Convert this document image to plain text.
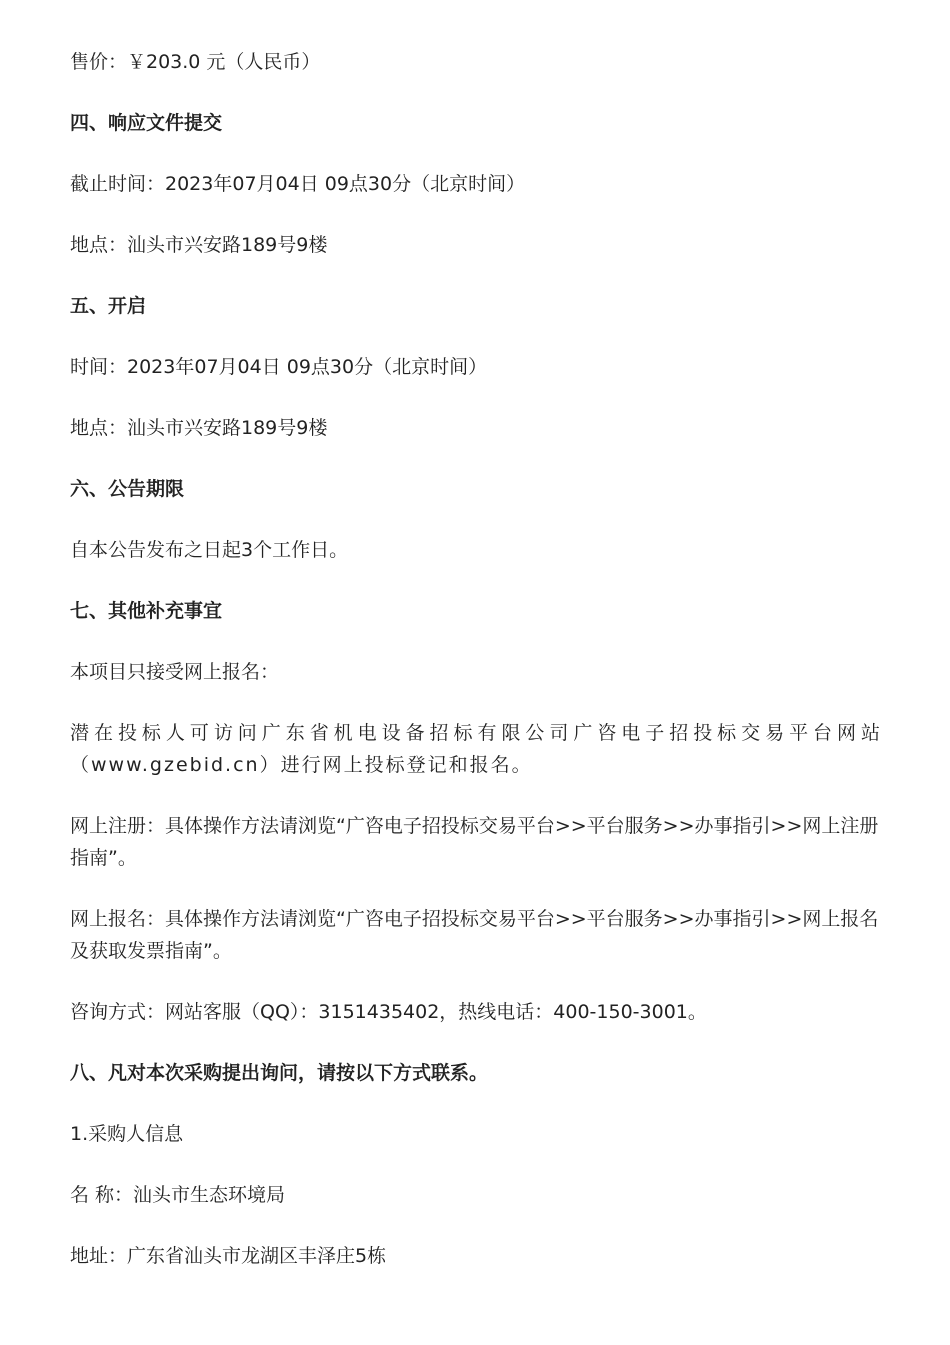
售价：￥203.0 元（人民币）

四、响应文件提交

截止时间：2023年07月04日 09点30分（北京时间）

地点：汕头市兴安路189号9楼

五、开启

时间：2023年07月04日 09点30分（北京时间）

地点：汕头市兴安路189号9楼

六、公告期限

自本公告发布之日起3个工作日。

七、其他补充事宜

本项目只接受网上报名：

潜在投标人可访问广东省机电设备招标有限公司广咨电子招投标交易平台网站（www.gzebid.cn）进行网上投标登记和报名。

网上注册：具体操作方法请浏览“广咨电子招投标交易平台>>平台服务>>办事指引>>网上注册指南”。

网上报名：具体操作方法请浏览“广咨电子招投标交易平台>>平台服务>>办事指引>>网上报名及获取发票指南”。

咨询方式：网站客服（QQ）：3151435402，热线电话：400-150-3001。

八、凡对本次采购提出询问，请按以下方式联系。

1.采购人信息

名 称：汕头市生态环境局

地址：广东省汕头市龙湖区丰泽庄5栋
